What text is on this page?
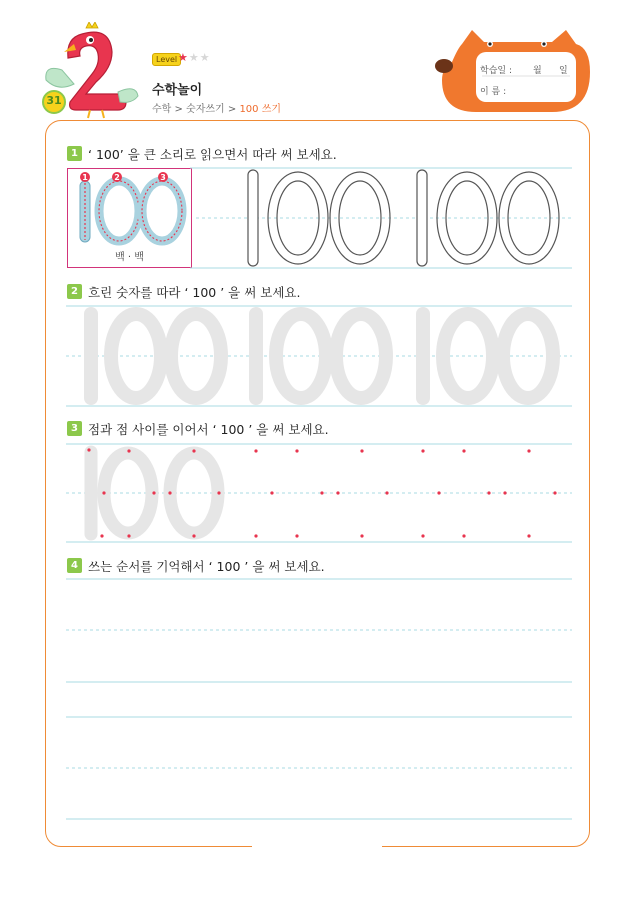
31
Level ★★★
수학놀이
수학 > 숫자쓰기 > 100 쓰기
학습일 : 월 일
이 름 :
1 ‘ 100’ 을 큰 소리로 읽으면서 따라 써 보세요.
2 흐린 숫자를 따라 ‘ 100 ’ 을 써 보세요.
3 점과 점 사이를 이어서 ‘ 100 ’ 을 써 보세요.
4 쓰는 순서를 기억해서 ‘ 100 ’ 을 써 보세요.
1	2	3
백 · 백
